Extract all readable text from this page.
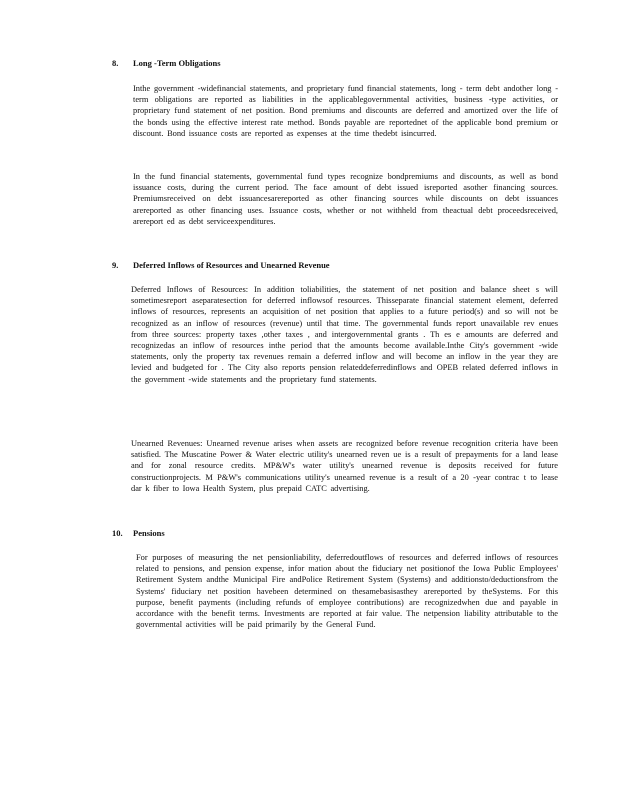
8. Long -Term Obligations

Inthe government -widefinancial statements, and proprietary fund financial statements, long - term debt andother long - term obligations are reported as liabilities in the applicablegovernmental activities, business -type activities, or proprietary fund statement of net position. Bond premiums and discounts are deferred and amortized over the life of the bonds using the effective interest rate method. Bonds payable are reportednet of the applicable bond premium or discount. Bond issuance costs are reported as expenses at the time thedebt isincurred.

In the fund financial statements, governmental fund types recognize bondpremiums and discounts, as well as bond issuance costs, during the current period. The face amount of debt issued isreported asother financing sources. Premiumsreceived on debt issuancesarereported as other financing sources while discounts on debt issuances arereported as other financing uses. Issuance costs, whether or not withheld from theactual debt proceedsreceived, arereport ed as debt serviceexpenditures.

9. Deferred Inflows of Resources and Unearned Revenue

Deferred Inflows of Resources: In addition toliabilities, the statement of net position and balance sheet s will sometimesreport aseparatesection for deferred inflowsof resources. Thisseparate financial statement element, deferred inflows of resources, represents an acquisition of net position that applies to a future period(s) and so will not be recognized as an inflow of resources (revenue) until that time. The governmental funds report unavailable rev enues from three sources: property taxes ,other taxes , and intergovernmental grants . Th es e amounts are deferred and recognizedas an inflow of resources inthe period that the amounts become available.Inthe City's government -wide statements, only the property tax revenues remain a deferred inflow and will become an inflow in the year they are levied and budgeted for . The City also reports pension relateddeferredinflows and OPEB related deferred inflows in the government -wide statements and the proprietary fund statements.

Unearned Revenues: Unearned revenue arises when assets are recognized before revenue recognition criteria have been satisfied. The Muscatine Power & Water electric utility's unearned reven ue is a result of prepayments for a land lease and for zonal resource credits. MP&W's water utility's unearned revenue is deposits received for future constructionprojects. M P&W's communications utility's unearned revenue is a result of a 20 -year contrac t to lease dar k fiber to Iowa Health System, plus prepaid CATC advertising.

10. Pensions

For purposes of measuring the net pensionliability, deferredoutflows of resources and deferred inflows of resources related to pensions, and pension expense, infor mation about the fiduciary net positionof the Iowa Public Employees' Retirement System andthe Municipal Fire andPolice Retirement System (Systems) and additionsto/deductionsfrom the Systems' fiduciary net position havebeen determined on thesamebasisasthey arereported by theSystems. For this purpose, benefit payments (including refunds of employee contributions) are recognizedwhen due and payable in accordance with the benefit terms. Investments are reported at fair value. The netpension liability attributable to the governmental activities will be paid primarily by the General Fund.
